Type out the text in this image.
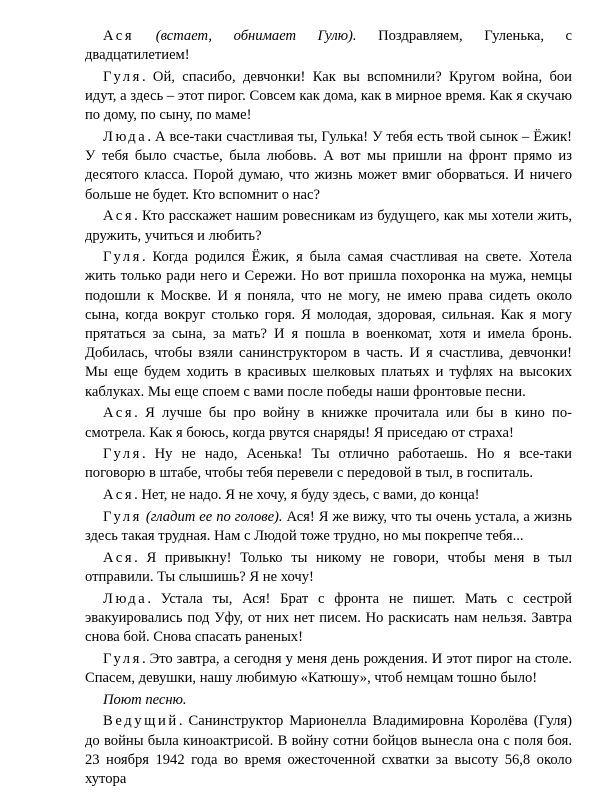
Ася (встает, обнимает Гулю). Поздравляем, Гуленька, с двадцатилетием!

Гуля. Ой, спасибо, девчонки! Как вы вспомнили? Кругом война, бои идут, а здесь – этот пирог. Совсем как дома, как в мирное время. Как я скучаю по дому, по сыну, по маме!

Люда. А все-таки счастливая ты, Гулька! У тебя есть твой сынок – Ёжик! У тебя было счастье, была любовь. А вот мы пришли на фронт прямо из десятого класса. Порой думаю, что жизнь может вмиг оборваться. И ничего больше не будет. Кто вспомнит о нас?

Ася. Кто расскажет нашим ровесникам из будущего, как мы хотели жить, дружить, учиться и любить?

Гуля. Когда родился Ёжик, я была самая счастливая на свете. Хотела жить только ради него и Сережи. Но вот пришла похоронка на мужа, немцы подошли к Москве. И я поняла, что не могу, не имею права сидеть около сына, когда вокруг столько горя. Я молодая, здоровая, сильная. Как я могу прятаться за сына, за мать? И я пошла в военкомат, хотя и имела бронь. Добилась, чтобы взяли санинструктором в часть. И я счастлива, девчонки! Мы еще будем ходить в красивых шелковых платьях и туфлях на высоких каблуках. Мы еще споем с вами после победы наши фронтовые песни.

Ася. Я лучше бы про войну в книжке прочитала или бы в кино по-смотрела. Как я боюсь, когда рвутся снаряды! Я приседаю от страха!

Гуля. Ну не надо, Асенька! Ты отлично работаешь. Но я все-таки поговорю в штабе, чтобы тебя перевели с передовой в тыл, в госпиталь.

Ася. Нет, не надо. Я не хочу, я буду здесь, с вами, до конца!

Гуля (гладит ее по голове). Ася! Я же вижу, что ты очень устала, а жизнь здесь такая трудная. Нам с Людой тоже трудно, но мы покрепче тебя...

Ася. Я привыкну! Только ты никому не говори, чтобы меня в тыл отправили. Ты слышишь? Я не хочу!

Люда. Устала ты, Ася! Брат с фронта не пишет. Мать с сестрой эвакуировались под Уфу, от них нет писем. Но раскисать нам нельзя. Завтра снова бой. Снова спасать раненых!

Гуля. Это завтра, а сегодня у меня день рождения. И этот пирог на столе. Спасем, девушки, нашу любимую «Катюшу», чтоб немцам тошно было!

Поют песню.

Ведущий. Санинструктор Марионелла Владимировна Королёва (Гуля) до войны была киноактрисой. В войну сотни бойцов вынесла она с поля боя. 23 ноября 1942 года во время ожесточенной схватки за высоту 56,8 около хутора
